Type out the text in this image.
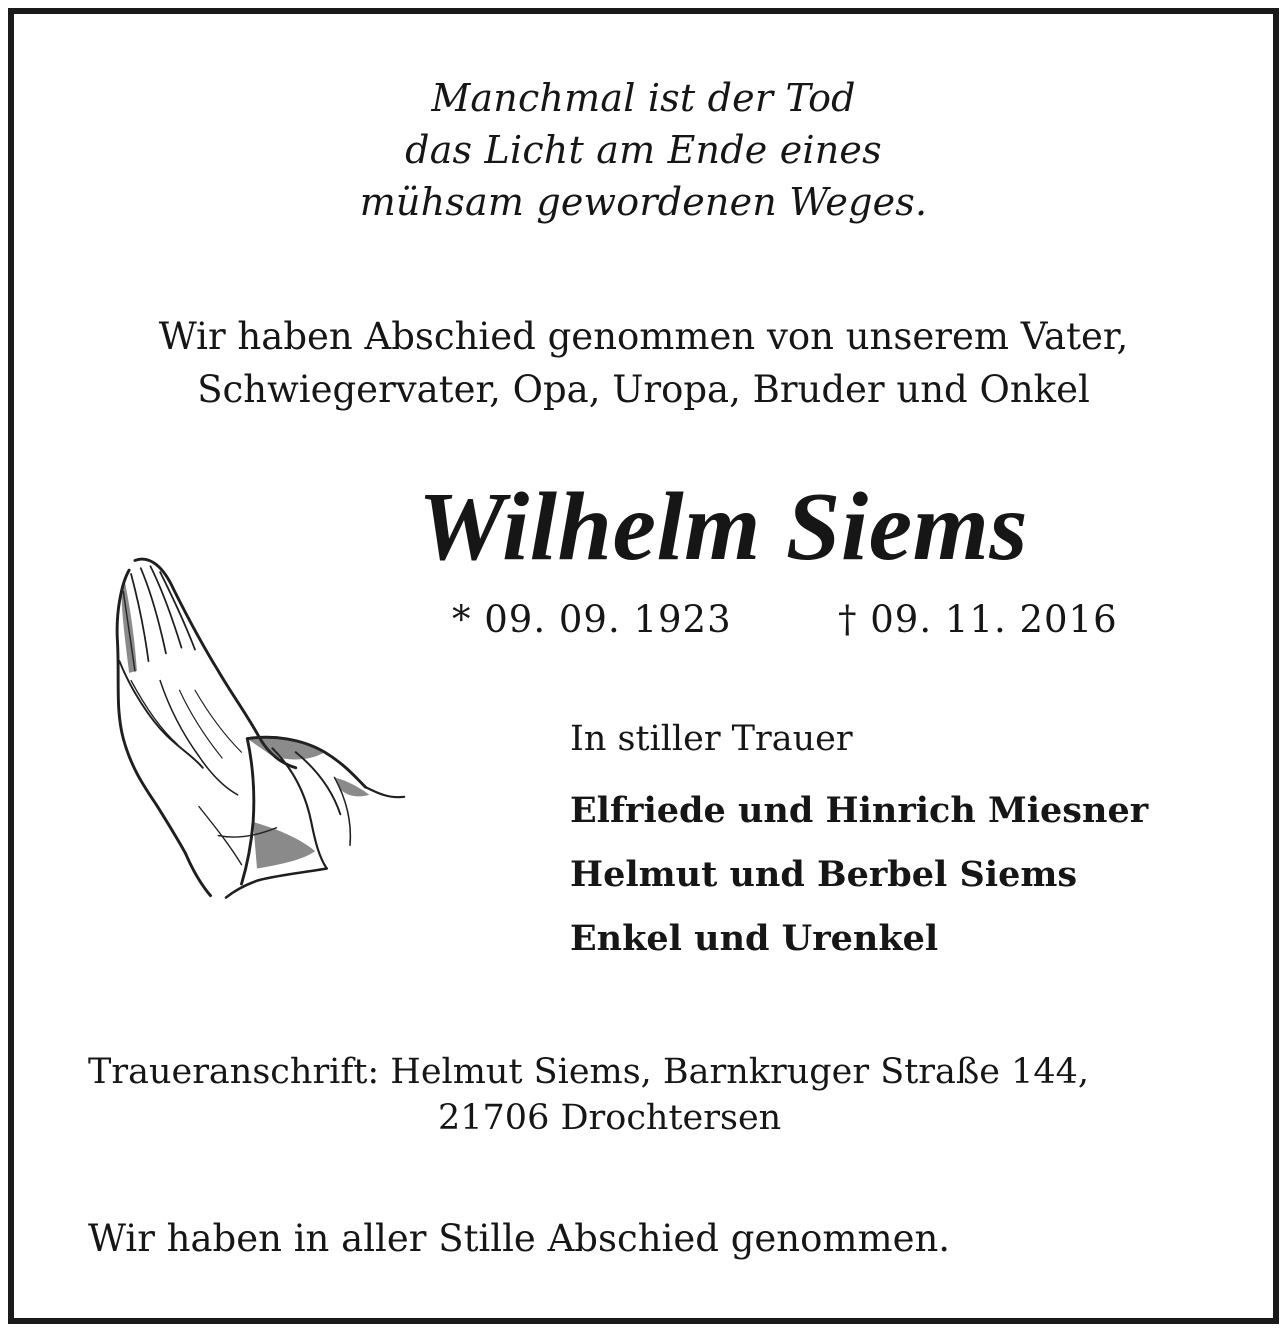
Manchmal ist der Tod
das Licht am Ende eines
mühsam gewordenen Weges.
Wir haben Abschied genommen von unserem Vater,
Schwiegervater, Opa, Uropa, Bruder und Onkel
Wilhelm Siems
* 09. 09. 1923	† 09. 11. 2016
In stiller Trauer
Elfriede und Hinrich Miesner
Helmut und Berbel Siems
Enkel und Urenkel
Traueranschrift: Helmut Siems, Barnkruger Straße 144,
21706 Drochtersen
Wir haben in aller Stille Abschied genommen.
